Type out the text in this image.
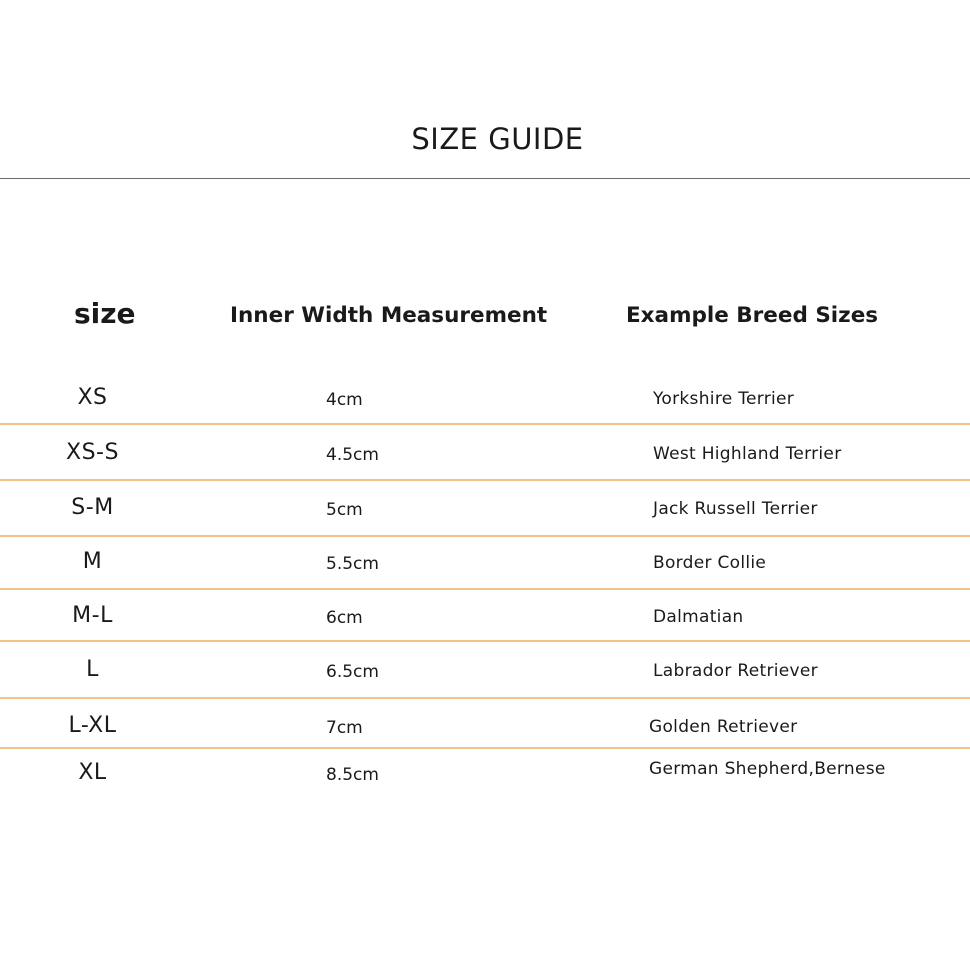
SIZE GUIDE
size	Inner Width Measurement	Example Breed Sizes
XS	4cm	Yorkshire Terrier
XS-S	4.5cm	West Highland Terrier
S-M	5cm	Jack Russell Terrier
M	5.5cm	Border Collie
M-L	6cm	Dalmatian
L	6.5cm	Labrador Retriever
L-XL	7cm	Golden Retriever
XL	8.5cm	German Shepherd,Bernese
